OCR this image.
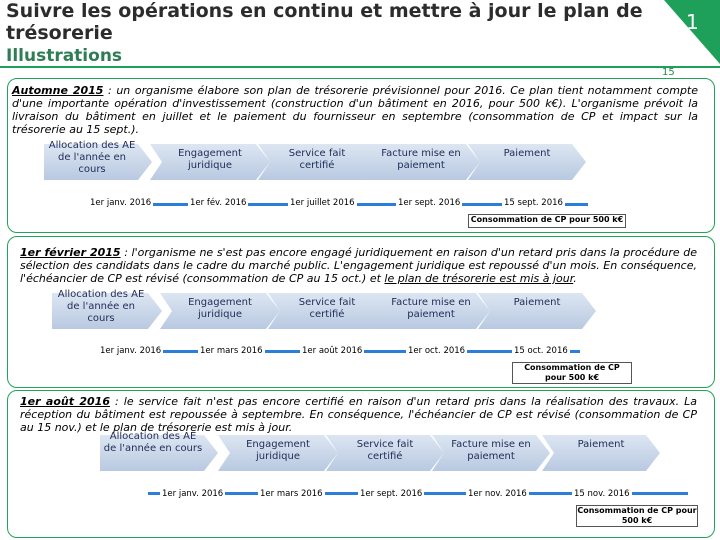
Suivre les opérations en continu et mettre à jour le plan de trésorerie
Illustrations
1
15
Automne 2015 : un organisme élabore son plan de trésorerie prévisionnel pour 2016. Ce plan tient notamment compte d'une importante opération d'investissement (construction d'un bâtiment en 2016, pour 500 k€). L'organisme prévoit la livraison du bâtiment en juillet et le paiement du fournisseur en septembre (consommation de CP et impact sur la trésorerie au 15 sept.).
1er février 2015 : l'organisme ne s'est pas encore engagé juridiquement en raison d'un retard pris dans la procédure de sélection des candidats dans le cadre du marché public. L'engagement juridique est repoussé d'un mois. En conséquence, l'échéancier de CP est révisé (consommation de CP au 15 oct.) et le plan de trésorerie est mis à jour.
1er août 2016 : le service fait n'est pas encore certifié en raison d'un retard pris dans la réalisation des travaux. La réception du bâtiment est repoussée à septembre. En conséquence, l'échéancier de CP est révisé (consommation de CP au 15 nov.) et le plan de trésorerie est mis à jour.
Allocation des AE de l'année en cours
Engagement juridique
Service fait certifié
Facture mise en paiement
Paiement
1er janv. 2016	1er fév. 2016	1er juillet 2016	1er sept. 2016	15 sept. 2016
Consommation de CP pour 500 k€
Allocation des AE de l'année en cours
Engagement juridique
Service fait certifié
Facture mise en paiement
Paiement
1er janv. 2016	1er mars 2016	1er août 2016	1er oct. 2016	15 oct. 2016
Consommation de CP pour 500 k€
Allocation des AE de l'année en cours	Engagement juridique
Service fait certifié
Facture mise en paiement
Paiement
1er janv. 2016	1er mars 2016	1er sept. 2016	1er nov. 2016	15 nov. 2016
Consommation de CP pour 500 k€
